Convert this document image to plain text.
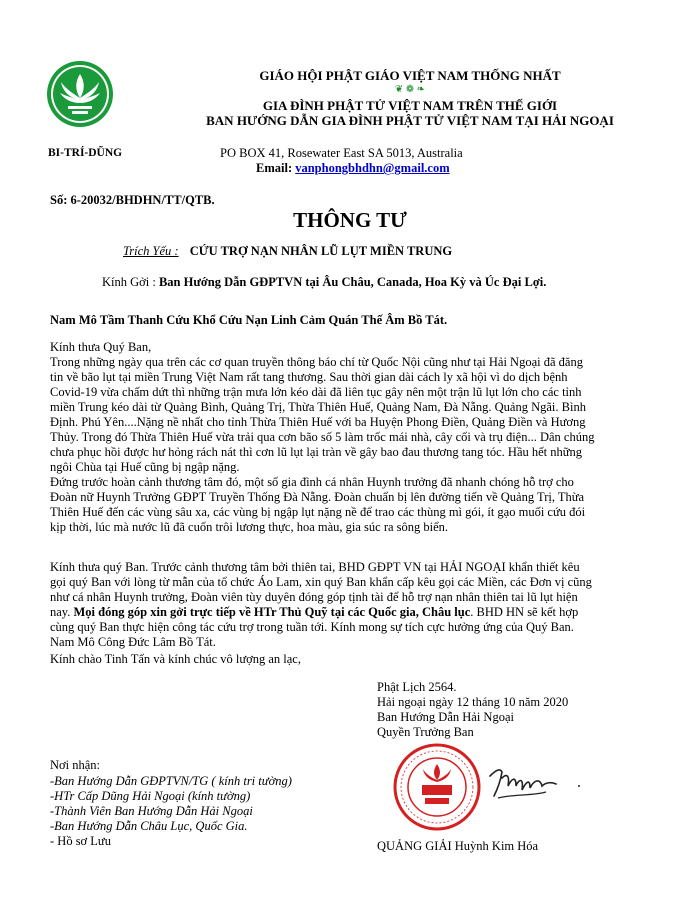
GIÁO HỘI PHẬT GIÁO VIỆT NAM THỐNG NHẤT
❦ ❁ ❧
GIA ĐÌNH PHẬT TỬ VIỆT NAM TRÊN THẾ GIỚI
BAN HƯỚNG DẪN GIA ĐÌNH PHẬT TỬ VIỆT NAM TẠI HẢI NGOẠI
BI-TRÍ-DŨNG	PO BOX 41, Rosewater East SA 5013, Australia
Email: vanphongbhdhn@gmail.com
Số: 6-20032/BHDHN/TT/QTB.
THÔNG TƯ
Trích Yếu : CỨU TRỢ NẠN NHÂN LŨ LỤT MIỀN TRUNG
Kính Gởi : Ban Hướng Dẫn GĐPTVN tại Âu Châu, Canada, Hoa Kỳ và Úc Đại Lợi.
Nam Mô Tầm Thanh Cứu Khổ Cứu Nạn Linh Cảm Quán Thế Âm Bồ Tát.
Kính thưa Quý Ban,
Trong những ngày qua trên các cơ quan truyền thông báo chí từ Quốc Nội cũng như tại Hải Ngoại đã đăng
tin về bão lụt tại miền Trung Việt Nam rất tang thương. Sau thời gian dài cách ly xã hội vì do dịch bệnh
Covid-19 vừa chấm dứt thì những trận mưa lớn kéo dài đã liên tục gây nên một trận lũ lụt lớn cho các tỉnh
miền Trung kéo dài từ Quảng Bình, Quảng Trị, Thừa Thiên Huế, Quảng Nam, Đà Nẵng. Quảng Ngãi. Bình
Định. Phú Yên....Nặng nề nhất cho tỉnh Thừa Thiên Huế với ba Huyện Phong Điền, Quảng Điền và Hương
Thủy. Trong đó Thừa Thiên Huế vừa trải qua cơn bão số 5 làm trốc mái nhà, cây cối và trụ điện... Dân chúng
chưa phục hồi được hư hỏng rách nát thì cơn lũ lụt lại tràn về gây bao đau thương tang tóc. Hầu hết những
ngôi Chùa tại Huế cũng bị ngập nặng.
Đứng trước hoàn cảnh thương tâm đó, một số gia đình cá nhân Huynh trưởng đã nhanh chóng hỗ trợ cho
Đoàn nữ Huynh Trưởng GĐPT Truyền Thống Đà Nẵng. Đoàn chuẩn bị lên đường tiến về Quảng Trị, Thừa
Thiên Huế đến các vùng sâu xa, các vùng bị ngập lụt nặng nề để trao các thùng mì gói, ít gạo muối cứu đói
kịp thời, lúc mà nước lũ đã cuốn trôi lương thực, hoa màu, gia súc ra sông biển.
Kính thưa quý Ban. Trước cảnh thương tâm bởi thiên tai, BHD GĐPT VN tại HẢI NGOẠI khẩn thiết kêu
gọi quý Ban với lòng từ mẫn của tổ chức Áo Lam, xin quý Ban khẩn cấp kêu gọi các Miền, các Đơn vị cũng
như cá nhân Huynh trưởng, Đoàn viên tùy duyên đóng góp tịnh tài để hỗ trợ nạn nhân thiên tai lũ lụt hiện
nay. Mọi đóng góp xin gởi trực tiếp về HTr Thủ Quỹ tại các Quốc gia, Châu lục. BHD HN sẽ kết hợp
cùng quý Ban thực hiện công tác cứu trợ trong tuần tới. Kính mong sự tích cực hưởng ứng của Quý Ban.
Nam Mô Công Đức Lâm Bồ Tát.
Kính chào Tinh Tấn và kính chúc vô lượng an lạc,
Phật Lịch 2564.
Hải ngoại ngày 12 tháng 10 năm 2020
Ban Hướng Dẫn Hải Ngoại
Quyền Trưởng Ban
QUẢNG GIẢI Huỳnh Kim Hóa
Nơi nhận:
-Ban Hướng Dẫn GĐPTVN/TG ( kính tri tường)
-HTr Cấp Dũng Hải Ngoại (kính tường)
-Thành Viên Ban Hướng Dẫn Hải Ngoại
-Ban Hướng Dẫn Châu Lục, Quốc Gia.
- Hồ sơ Lưu
